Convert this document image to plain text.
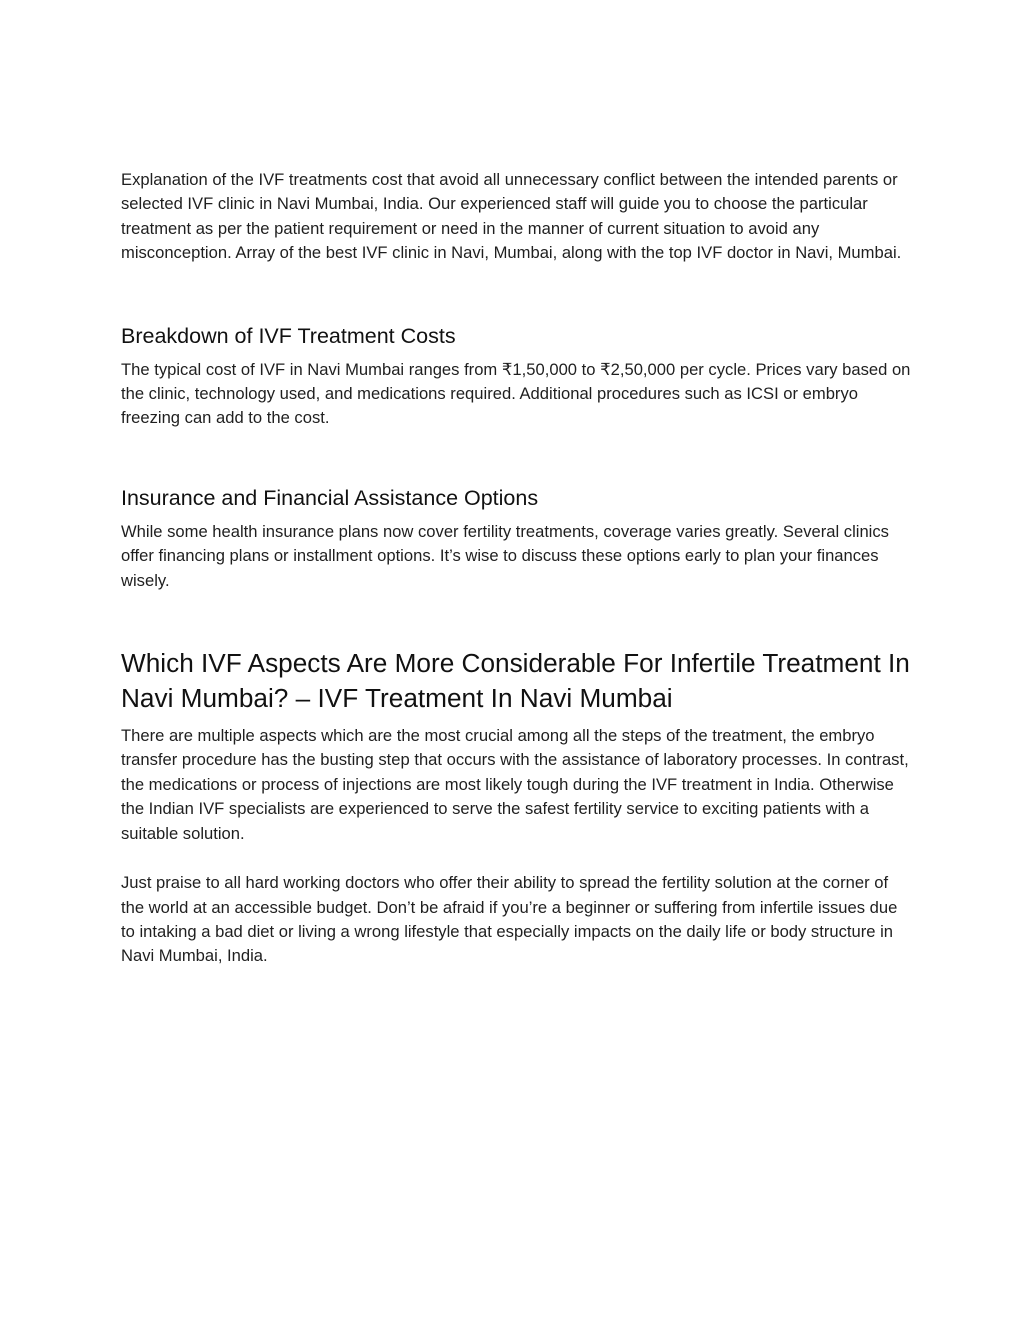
Explanation of the IVF treatments cost that avoid all unnecessary conflict between the intended parents or selected IVF clinic in Navi Mumbai, India. Our experienced staff will guide you to choose the particular treatment as per the patient requirement or need in the manner of current situation to avoid any misconception. Array of the best IVF clinic in Navi, Mumbai, along with the top IVF doctor in Navi, Mumbai.

Breakdown of IVF Treatment Costs

The typical cost of IVF in Navi Mumbai ranges from ₹1,50,000 to ₹2,50,000 per cycle. Prices vary based on the clinic, technology used, and medications required. Additional procedures such as ICSI or embryo freezing can add to the cost.

Insurance and Financial Assistance Options

While some health insurance plans now cover fertility treatments, coverage varies greatly. Several clinics offer financing plans or installment options. It’s wise to discuss these options early to plan your finances wisely.

Which IVF Aspects Are More Considerable For Infertile Treatment In Navi Mumbai? – IVF Treatment In Navi Mumbai

There are multiple aspects which are the most crucial among all the steps of the treatment, the embryo transfer procedure has the busting step that occurs with the assistance of laboratory processes. In contrast, the medications or process of injections are most likely tough during the IVF treatment in India. Otherwise the Indian IVF specialists are experienced to serve the safest fertility service to exciting patients with a suitable solution.

Just praise to all hard working doctors who offer their ability to spread the fertility solution at the corner of the world at an accessible budget. Don’t be afraid if you’re a beginner or suffering from infertile issues due to intaking a bad diet or living a wrong lifestyle that especially impacts on the daily life or body structure in Navi Mumbai, India.
